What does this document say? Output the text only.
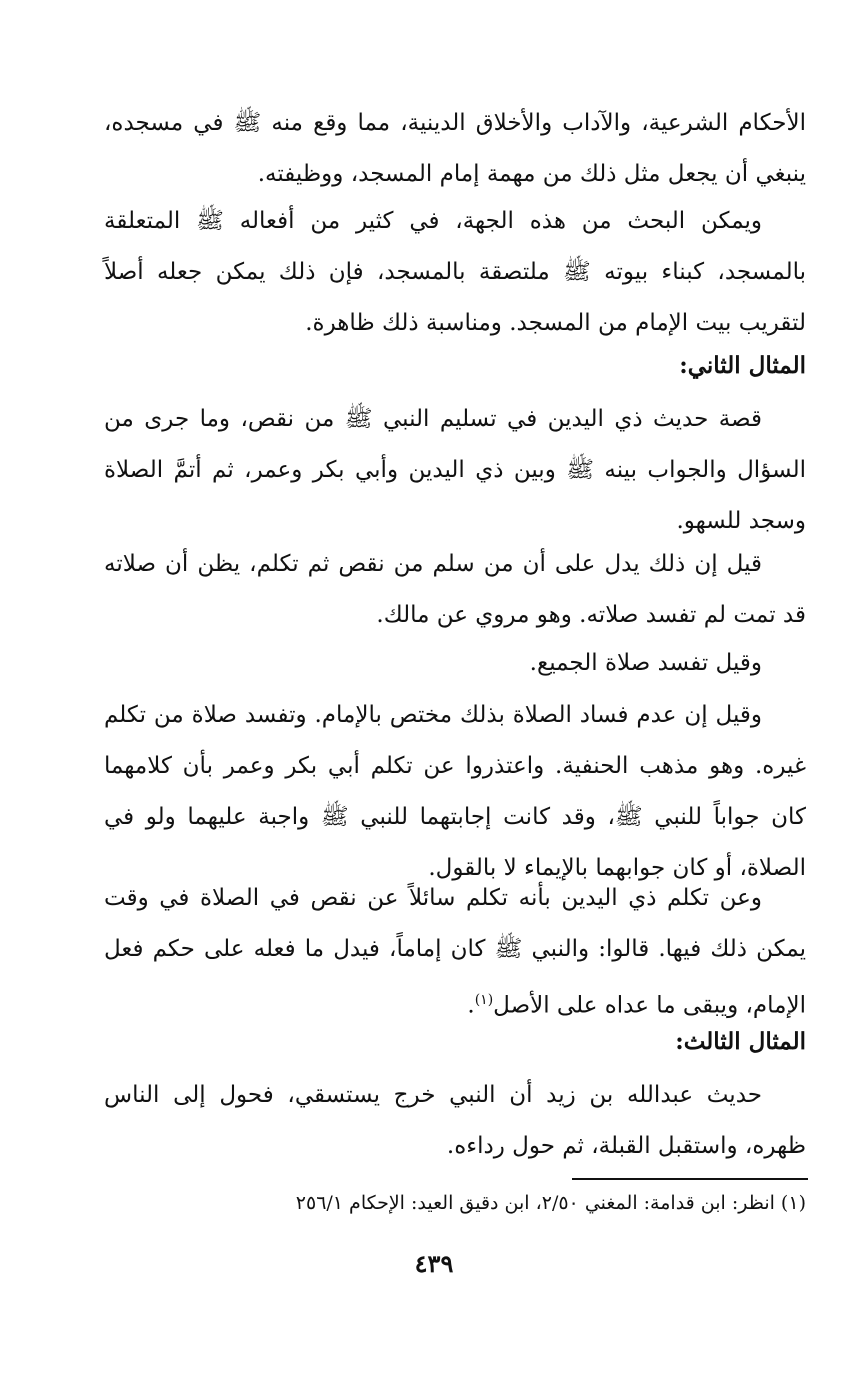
الأحكام الشرعية، والآداب والأخلاق الدينية، مما وقع منه ﷺ في مسجده، ينبغي أن يجعل مثل ذلك من مهمة إمام المسجد، ووظيفته.

ويمكن البحث من هذه الجهة، في كثير من أفعاله ﷺ المتعلقة بالمسجد، كبناء بيوته ﷺ ملتصقة بالمسجد، فإن ذلك يمكن جعله أصلاً لتقريب بيت الإمام من المسجد. ومناسبة ذلك ظاهرة.

المثال الثاني:

قصة حديث ذي اليدين في تسليم النبي ﷺ من نقص، وما جرى من السؤال والجواب بينه ﷺ وبين ذي اليدين وأبي بكر وعمر، ثم أتمَّ الصلاة وسجد للسهو.

قيل إن ذلك يدل على أن من سلم من نقص ثم تكلم، يظن أن صلاته قد تمت لم تفسد صلاته. وهو مروي عن مالك.

وقيل تفسد صلاة الجميع.

وقيل إن عدم فساد الصلاة بذلك مختص بالإمام. وتفسد صلاة من تكلم غيره. وهو مذهب الحنفية. واعتذروا عن تكلم أبي بكر وعمر بأن كلامهما كان جواباً للنبي ﷺ، وقد كانت إجابتهما للنبي ﷺ واجبة عليهما ولو في الصلاة، أو كان جوابهما بالإيماء لا بالقول.

وعن تكلم ذي اليدين بأنه تكلم سائلاً عن نقص في الصلاة في وقت يمكن ذلك فيها. قالوا: والنبي ﷺ كان إماماً، فيدل ما فعله على حكم فعل الإمام، ويبقى ما عداه على الأصل$^{(١)}$.

المثال الثالث:

حديث عبدالله بن زيد أن النبي خرج يستسقي، فحول إلى الناس ظهره، واستقبل القبلة، ثم حول رداءه.

(١) انظر: ابن قدامة: المغني ٢/٥٠، ابن دقيق العيد: الإحكام ٢٥٦/١
٤٣٩
